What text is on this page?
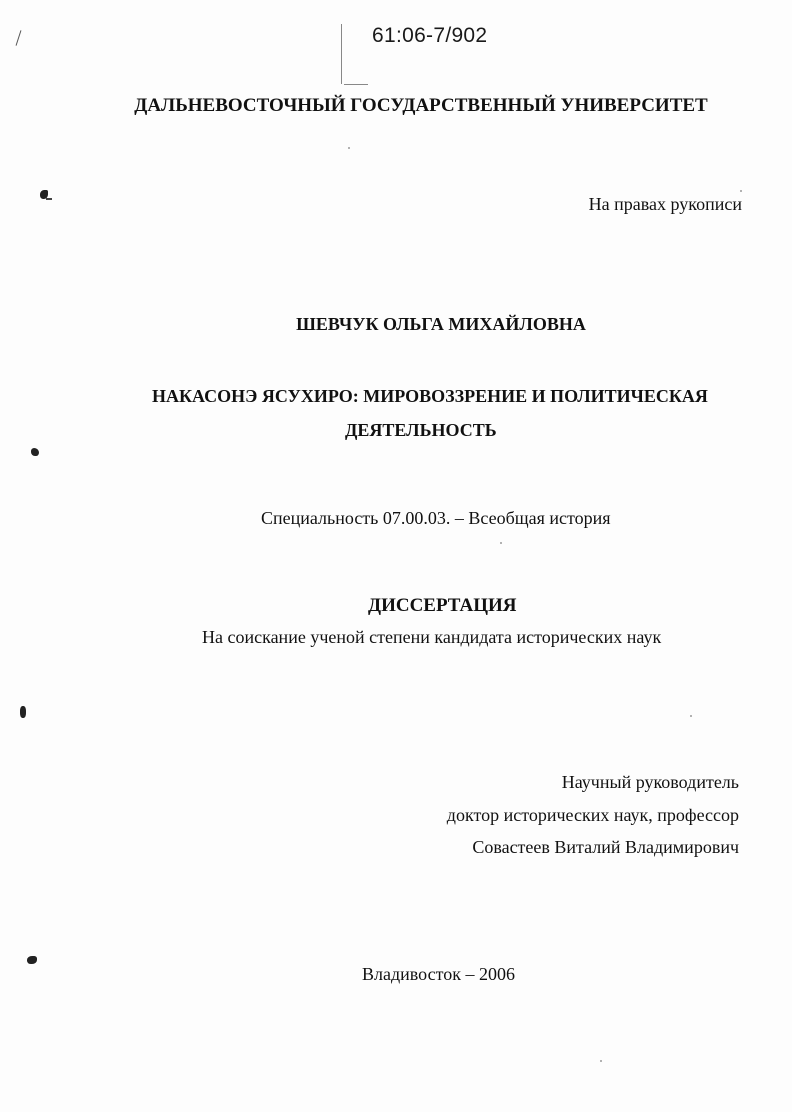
61:06-7/902
ДАЛЬНЕВОСТОЧНЫЙ ГОСУДАРСТВЕННЫЙ УНИВЕРСИТЕТ
На правах рукописи
ШЕВЧУК ОЛЬГА МИХАЙЛОВНА
НАКАСОНЭ ЯСУХИРО: МИРОВОЗЗРЕНИЕ И ПОЛИТИЧЕСКАЯ
ДЕЯТЕЛЬНОСТЬ
Специальность 07.00.03. – Всеобщая история
ДИССЕРТАЦИЯ
На соискание ученой степени кандидата исторических наук
Научный руководитель
доктор исторических наук, профессор
Совастеев Виталий Владимирович
Владивосток – 2006
